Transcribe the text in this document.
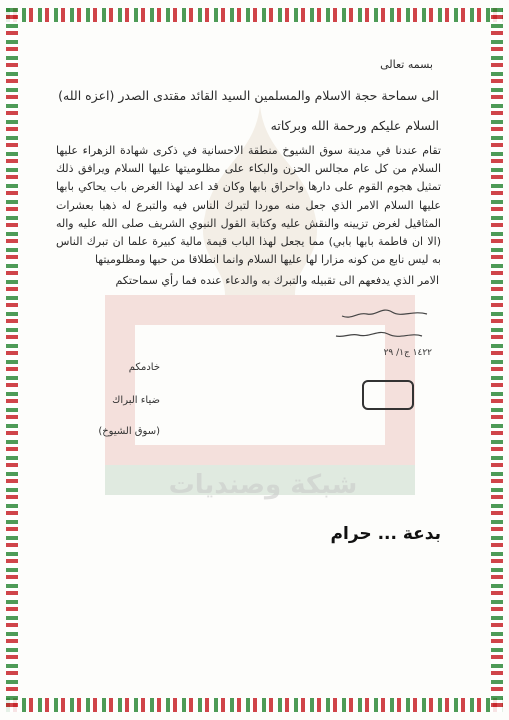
شبكة وصنديات
بسمه تعالى
الى سماحة حجة الاسلام والمسلمين السيد القائد مقتدى الصدر (اعزه الله)
السلام عليكم ورحمة الله وبركاته
تقام عندنا في مدينة سوق الشيوخ منطقة الاحسانية في ذكرى شهادة الزهراء عليها السلام من كل عام مجالس الحزن والبكاء على مظلوميتها عليها السلام ويرافق ذلك تمثيل هجوم القوم على دارها واحراق بابها وكان قد اعد لهذا الغرض باب يحاكي بابها عليها السلام الامر الذي جعل منه موردا لتبرك الناس فيه والتبرع له ذهبا بعشرات المثاقيل لغرض تزيينه والنقش عليه وكتابة القول النبوي الشريف صلى الله عليه واله (الا ان فاطمة بابها بابي) مما يجعل لهذا الباب قيمة مالية كبيرة علما ان تبرك الناس به ليس نابع من كونه مزارا لها عليها السلام وانما انطلاقا من حبها ومظلوميتها
الامر الذي يدفعهم الى تقبيله والتبرك به والدعاء عنده فما رأي سماحتكم
١٤٢٢ ج١/ ٢٩
خادمكم
ضياء البراك
(سوق الشيوخ)
بدعة ... حرام
